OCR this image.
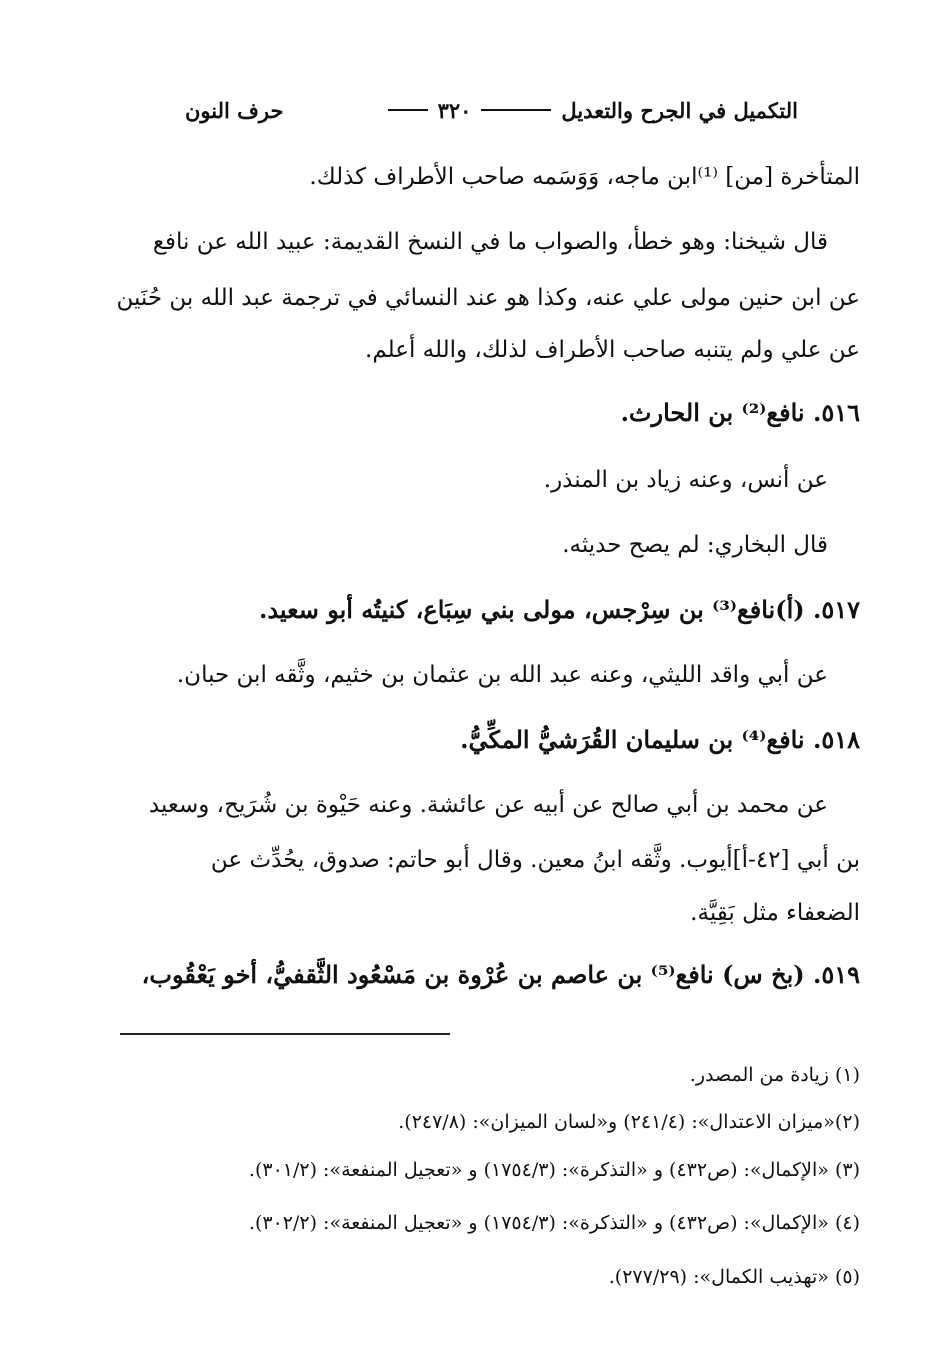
التكميل في الجرح والتعديل
٣٢٠
حرف النون
المتأخرة [من] ⁽¹⁾ابن ماجه، وَوَسَمه صاحب الأطراف كذلك.
قال شيخنا: وهو خطأ، والصواب ما في النسخ القديمة: عبيد الله عن نافع
عن ابن حنين مولى علي عنه، وكذا هو عند النسائي في ترجمة عبد الله بن حُنَين
عن علي ولم يتنبه صاحب الأطراف لذلك، والله أعلم.
٥١٦. نافع⁽²⁾ بن الحارث.
عن أنس، وعنه زياد بن المنذر.
قال البخاري: لم يصح حديثه.
٥١٧. (أ)نافع⁽³⁾ بن سِرْجس، مولى بني سِبَاع، كنيتُه أبو سعيد.
عن أبي واقد الليثي، وعنه عبد الله بن عثمان بن خثيم، وثَّقه ابن حبان.
٥١٨. نافع⁽⁴⁾ بن سليمان القُرَشيُّ المكِّيُّ.
عن محمد بن أبي صالح عن أبيه عن عائشة. وعنه حَيْوة بن شُرَيح، وسعيد
بن أبي [٤٢-أ]أيوب. وثَّقه ابنُ معين. وقال أبو حاتم: صدوق، يحُدِّث عن
الضعفاء مثل بَقِيَّة.
٥١٩. (بخ س) نافع⁽⁵⁾ بن عاصم بن عُرْوة بن مَسْعُود الثَّقفيُّ، أخو يَعْقُوب،
(١) زيادة من المصدر.
(٢)«ميزان الاعتدال»: (٢٤١/٤) و«لسان الميزان»: (٢٤٧/٨).
(٣) «الإكمال»: (ص٤٣٢) و «التذكرة»: (١٧٥٤/٣) و «تعجيل المنفعة»: (٣٠١/٢).
(٤) «الإكمال»: (ص٤٣٢) و «التذكرة»: (١٧٥٤/٣) و «تعجيل المنفعة»: (٣٠٢/٢).
(٥) «تهذيب الكمال»: (٢٧٧/٢٩).
